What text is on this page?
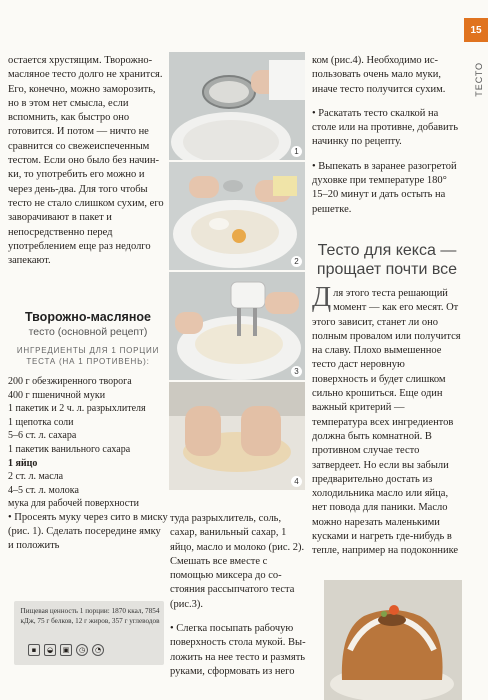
15
ТЕСТО

остается хрустящим. Творожно-масляное тесто долго не хранится. Его, конечно, можно заморозить, но в этом нет смысла, если вспомнить, как быстро оно готовится. И потом — ничто не сравнится со свежеиспеченным тестом. Если оно было без начинки, то употребить его можно и через день-два. Для того чтобы тесто не стало слишком сухим, его заворачивают в пакет и непосредственно перед употреблением еще раз недолго запекают.

Творожно-масляное
тесто (основной рецепт)
ИНГРЕДИЕНТЫ ДЛЯ 1 ПОРЦИИ ТЕСТА (НА 1 ПРОТИВЕНЬ):
200 г обезжиренного творога
400 г пшеничной муки
1 пакетик и 2 ч. л. разрыхлителя
1 щепотка соли
5–6 ст. л. сахара
1 пакетик ванильного сахара
1 яйцо
2 ст. л. масла
4–5 ст. л. молока
мука для рабочей поверхности

• Просеять муку через сито в миску (рис. 1). Сделать посередине ямку и положить

Пищевая ценность 1 порции: 1870 ккал, 7854 кДж, 75 г белков, 12 г жиров, 357 г углеводов
▪	◒	▣	◷	◔
1
2
3
4

туда разрыхлитель, соль, сахар, ванильный сахар, 1 яйцо, масло и молоко (рис. 2). Смешать все вместе с помощью миксера до состояния рассыпчатого теста (рис.3).

• Слегка посыпать рабочую поверхность стола мукой. Выложить на нее тесто и размять руками, сформовать из него

ком (рис.4). Необходимо использовать очень мало муки, иначе тесто получится сухим.

• Раскатать тесто скалкой на столе или на противне, добавить начинку по рецепту.

• Выпекать в заранее разогретой духовке при температуре 180° 15–20 минут и дать остыть на решетке.

Тесто для кекса — прощает почти все

Для этого теста решающий момент — как его месят. От этого зависит, станет ли оно полным провалом или получится на славу. Плохо вымешенное тесто даст неровную поверхность и будет слишком сильно крошиться. Еще один важный критерий — температура всех ингредиентов должна быть комнатной. В противном случае тесто затвердеет. Но если вы забыли предварительно достать из холодильника масло или яйца, нет повода для паники. Масло можно нарезать маленькими кусками и нагреть где-нибудь в тепле, например на подоконнике
